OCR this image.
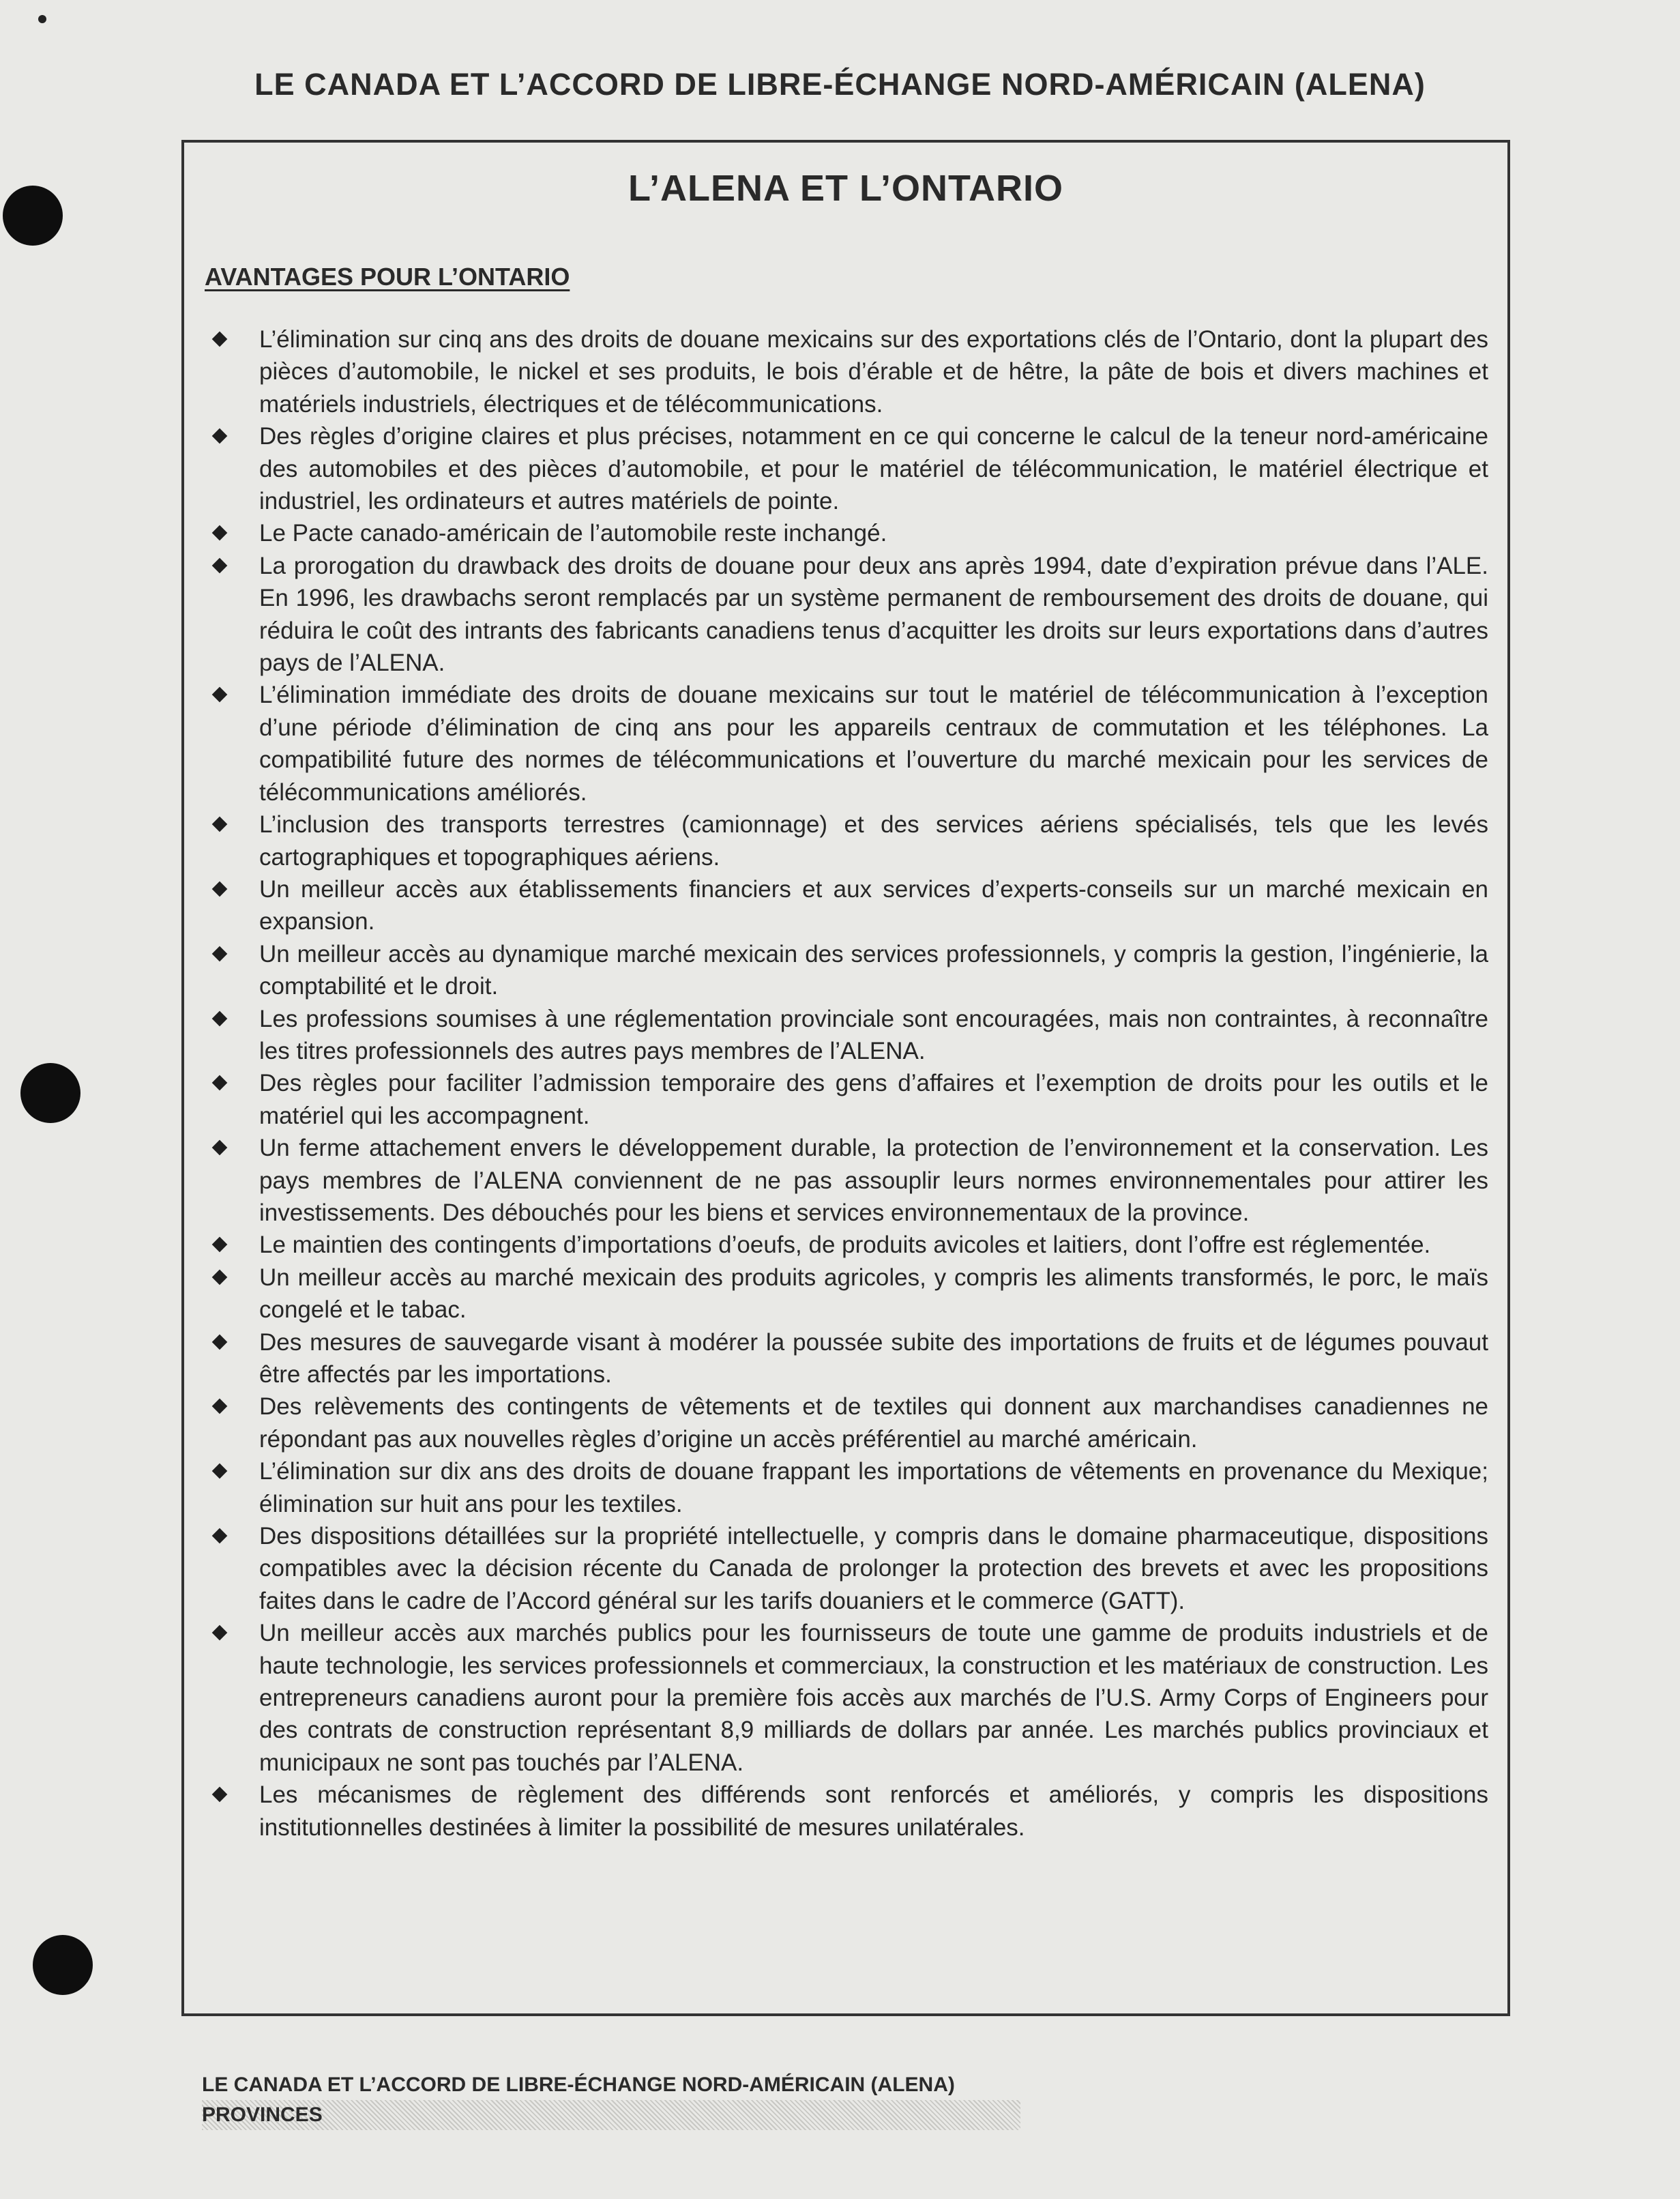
LE CANADA ET L’ACCORD DE LIBRE-ÉCHANGE NORD-AMÉRICAIN (ALENA)
L’ALENA ET L’ONTARIO
AVANTAGES POUR L’ONTARIO
L’élimination sur cinq ans des droits de douane mexicains sur des exportations clés de l’Ontario, dont la plupart des pièces d’automobile, le nickel et ses produits, le bois d’érable et de hêtre, la pâte de bois et divers machines et matériels industriels, électriques et de télécommunications.
Des règles d’origine claires et plus précises, notamment en ce qui concerne le calcul de la teneur nord-américaine des automobiles et des pièces d’automobile, et pour le matériel de télécommunication, le matériel électrique et industriel, les ordinateurs et autres matériels de pointe.
Le Pacte canado-américain de l’automobile reste inchangé.
La prorogation du drawback des droits de douane pour deux ans après 1994, date d’expiration prévue dans l’ALE. En 1996, les drawbachs seront remplacés par un système permanent de remboursement des droits de douane, qui réduira le coût des intrants des fabricants canadiens tenus d’acquitter les droits sur leurs exportations dans d’autres pays de l’ALENA.
L’élimination immédiate des droits de douane mexicains sur tout le matériel de télécommunication à l’exception d’une période d’élimination de cinq ans pour les appareils centraux de commutation et les téléphones. La compatibilité future des normes de télécommunications et l’ouverture du marché mexicain pour les services de télécommunications améliorés.
L’inclusion des transports terrestres (camionnage) et des services aériens spécialisés, tels que les levés cartographiques et topographiques aériens.
Un meilleur accès aux établissements financiers et aux services d’experts-conseils sur un marché mexicain en expansion.
Un meilleur accès au dynamique marché mexicain des services professionnels, y compris la gestion, l’ingénierie, la comptabilité et le droit.
Les professions soumises à une réglementation provinciale sont encouragées, mais non contraintes, à reconnaître les titres professionnels des autres pays membres de l’ALENA.
Des règles pour faciliter l’admission temporaire des gens d’affaires et l’exemption de droits pour les outils et le matériel qui les accompagnent.
Un ferme attachement envers le développement durable, la protection de l’environnement et la conservation. Les pays membres de l’ALENA conviennent de ne pas assouplir leurs normes environnementales pour attirer les investissements. Des débouchés pour les biens et services environnementaux de la province.
Le maintien des contingents d’importations d’oeufs, de produits avicoles et laitiers, dont l’offre est réglementée.
Un meilleur accès au marché mexicain des produits agricoles, y compris les aliments transformés, le porc, le maïs congelé et le tabac.
Des mesures de sauvegarde visant à modérer la poussée subite des importations de fruits et de légumes pouvaut être affectés par les importations.
Des relèvements des contingents de vêtements et de textiles qui donnent aux marchandises canadiennes ne répondant pas aux nouvelles règles d’origine un accès préférentiel au marché américain.
L’élimination sur dix ans des droits de douane frappant les importations de vêtements en provenance du Mexique; élimination sur huit ans pour les textiles.
Des dispositions détaillées sur la propriété intellectuelle, y compris dans le domaine pharmaceutique, dispositions compatibles avec la décision récente du Canada de prolonger la protection des brevets et avec les propositions faites dans le cadre de l’Accord général sur les tarifs douaniers et le commerce (GATT).
Un meilleur accès aux marchés publics pour les fournisseurs de toute une gamme de produits industriels et de haute technologie, les services professionnels et commerciaux, la construction et les matériaux de construction. Les entrepreneurs canadiens auront pour la première fois accès aux marchés de l’U.S. Army Corps of Engineers pour des contrats de construction représentant 8,9 milliards de dollars par année. Les marchés publics provinciaux et municipaux ne sont pas touchés par l’ALENA.
Les mécanismes de règlement des différends sont renforcés et améliorés, y compris les dispositions institutionnelles destinées à limiter la possibilité de mesures unilatérales.
LE CANADA ET L’ACCORD DE LIBRE-ÉCHANGE NORD-AMÉRICAIN (ALENA)

PROVINCES
